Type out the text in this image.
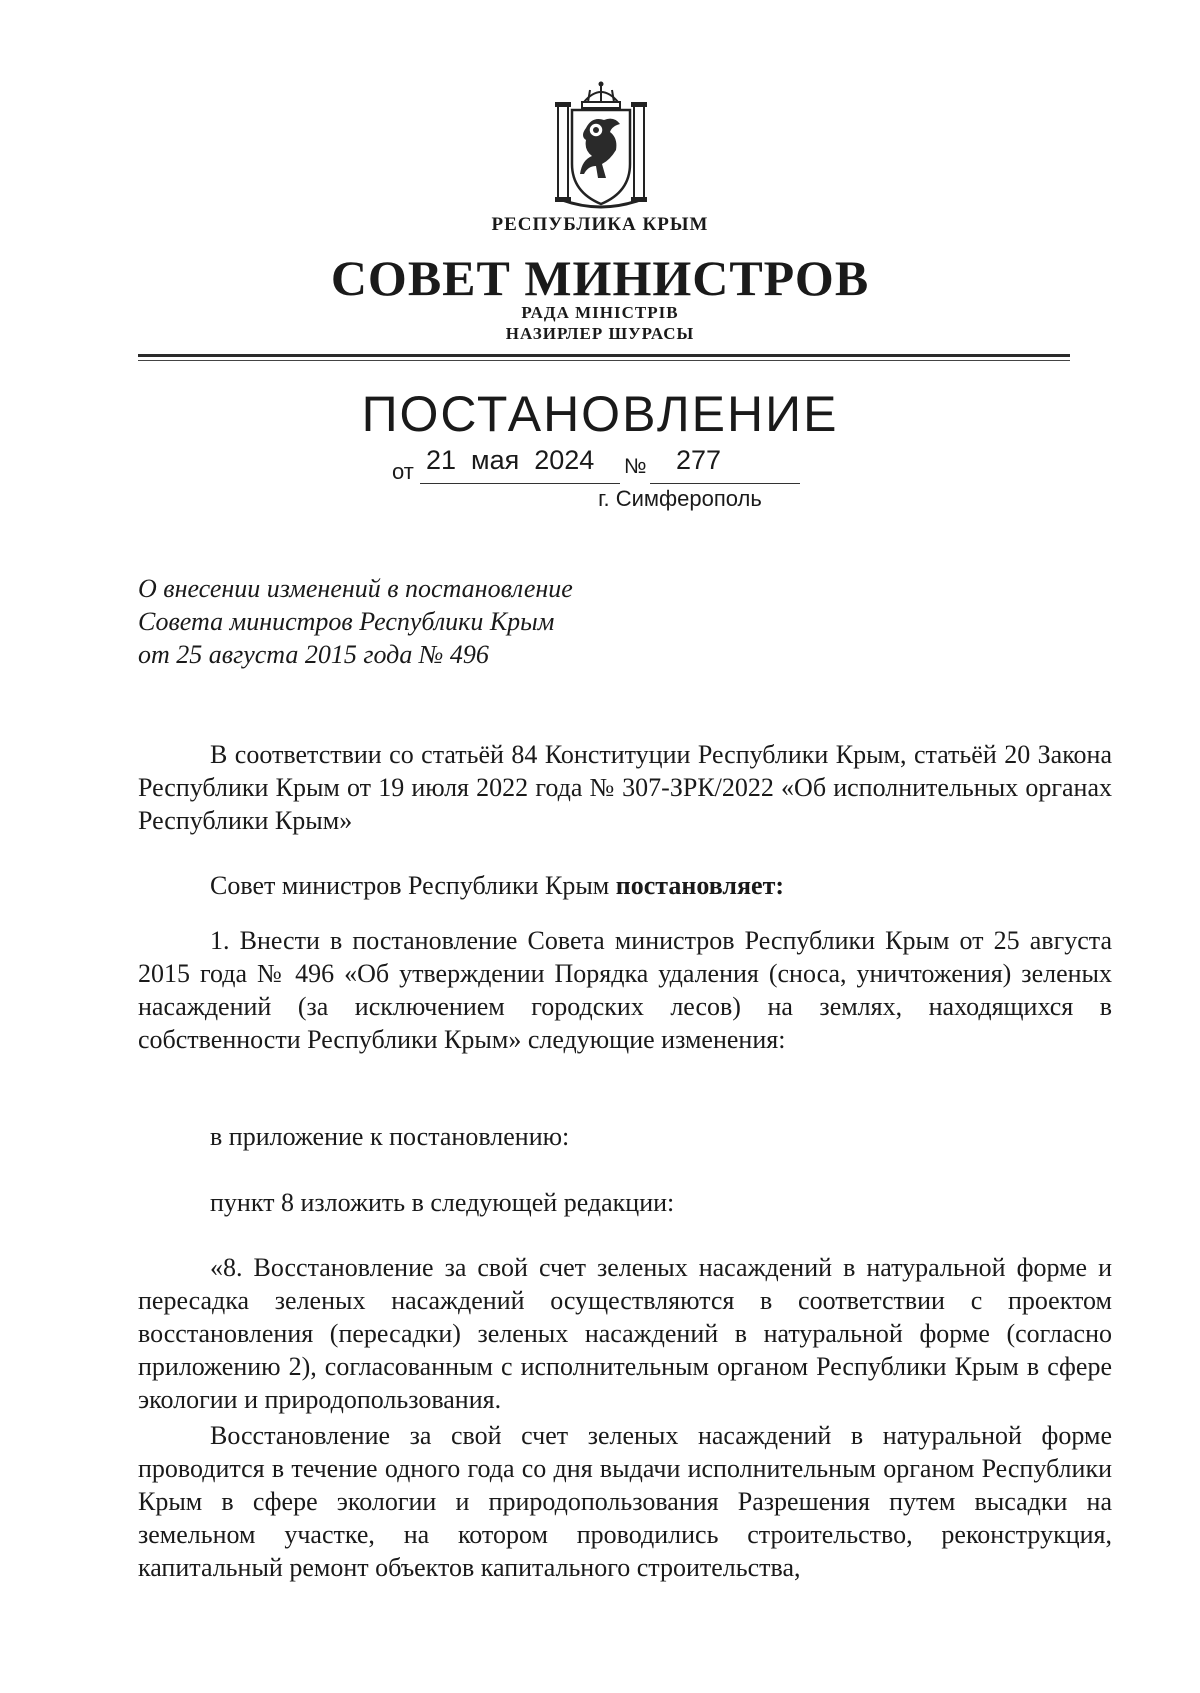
РЕСПУБЛИКА КРЫМ
СОВЕТ МИНИСТРОВ
РАДА МІНІСТРІВ
НАЗИРЛЕР ШУРАСЫ
ПОСТАНОВЛЕНИЕ
от 21  мая  2024 № 277
г. Симферополь
О внесении изменений в постановление
Совета министров Республики Крым
от 25 августа 2015 года № 496

В соответствии со статьёй 84 Конституции Республики Крым, статьёй 20 Закона Республики Крым от 19 июля 2022 года № 307-ЗРК/2022 «Об исполнительных органах Республики Крым»

Совет министров Республики Крым постановляет:

1. Внести в постановление Совета министров Республики Крым от 25 августа 2015 года № 496 «Об утверждении Порядка удаления (сноса, уничтожения) зеленых насаждений (за исключением городских лесов) на землях, находящихся в собственности Республики Крым» следующие изменения:

в приложение к постановлению:

пункт 8 изложить в следующей редакции:

«8. Восстановление за свой счет зеленых насаждений в натуральной форме и пересадка зеленых насаждений осуществляются в соответствии с проектом восстановления (пересадки) зеленых насаждений в натуральной форме (согласно приложению 2), согласованным с исполнительным органом Республики Крым в сфере экологии и природопользования.

Восстановление за свой счет зеленых насаждений в натуральной форме проводится в течение одного года со дня выдачи исполнительным органом Республики Крым в сфере экологии и природопользования Разрешения путем высадки на земельном участке, на котором проводились строительство, реконструкция, капитальный ремонт объектов капитального строительства,
